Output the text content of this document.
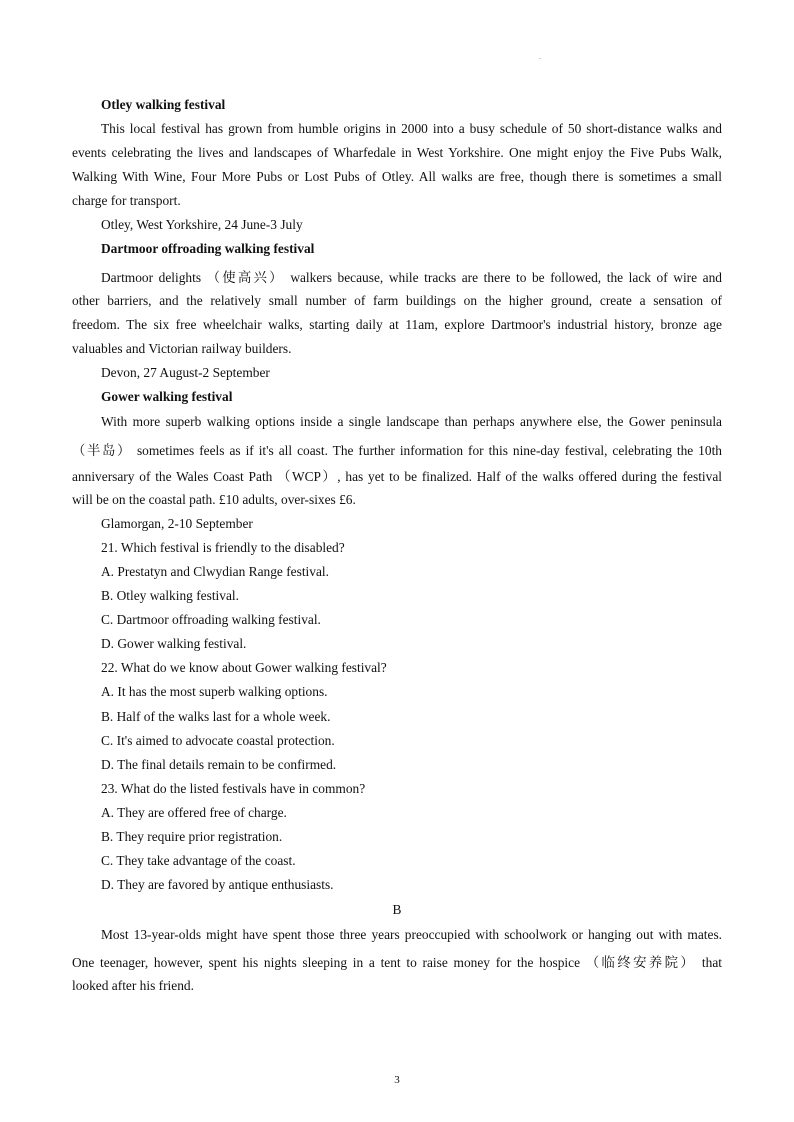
.
Otley walking festival
This local festival has grown from humble origins in 2000 into a busy schedule of 50 short-distance walks and
events celebrating the lives and landscapes of Wharfedale in West Yorkshire. One might enjoy the Five Pubs Walk,
Walking With Wine, Four More Pubs or Lost Pubs of Otley. All walks are free, though there is sometimes a small
charge for transport.
Otley, West Yorkshire, 24 June-3 July
Dartmoor offroading walking festival
Dartmoor delights （使高兴） walkers because, while tracks are there to be followed, the lack of wire and
other barriers, and the relatively small number of farm buildings on the higher ground, create a sensation of
freedom. The six free wheelchair walks, starting daily at 11am, explore Dartmoor's industrial history, bronze age
valuables and Victorian railway builders.
Devon, 27 August-2 September
Gower walking festival
With more superb walking options inside a single landscape than perhaps anywhere else, the Gower peninsula
（半岛） sometimes feels as if it's all coast. The further information for this nine-day festival, celebrating the 10th
anniversary of the Wales Coast Path （WCP）, has yet to be finalized. Half of the walks offered during the festival
will be on the coastal path. £10 adults, over-sixes £6.
Glamorgan, 2-10 September
21. Which festival is friendly to the disabled?
A. Prestatyn and Clwydian Range festival.
B. Otley walking festival.
C. Dartmoor offroading walking festival.
D. Gower walking festival.
22. What do we know about Gower walking festival?
A. It has the most superb walking options.
B. Half of the walks last for a whole week.
C. It's aimed to advocate coastal protection.
D. The final details remain to be confirmed.
23. What do the listed festivals have in common?
A. They are offered free of charge.
B. They require prior registration.
C. They take advantage of the coast.
D. They are favored by antique enthusiasts.
B
Most 13-year-olds might have spent those three years preoccupied with schoolwork or hanging out with mates.
One teenager, however, spent his nights sleeping in a tent to raise money for the hospice （临终安养院） that
looked after his friend.
3
